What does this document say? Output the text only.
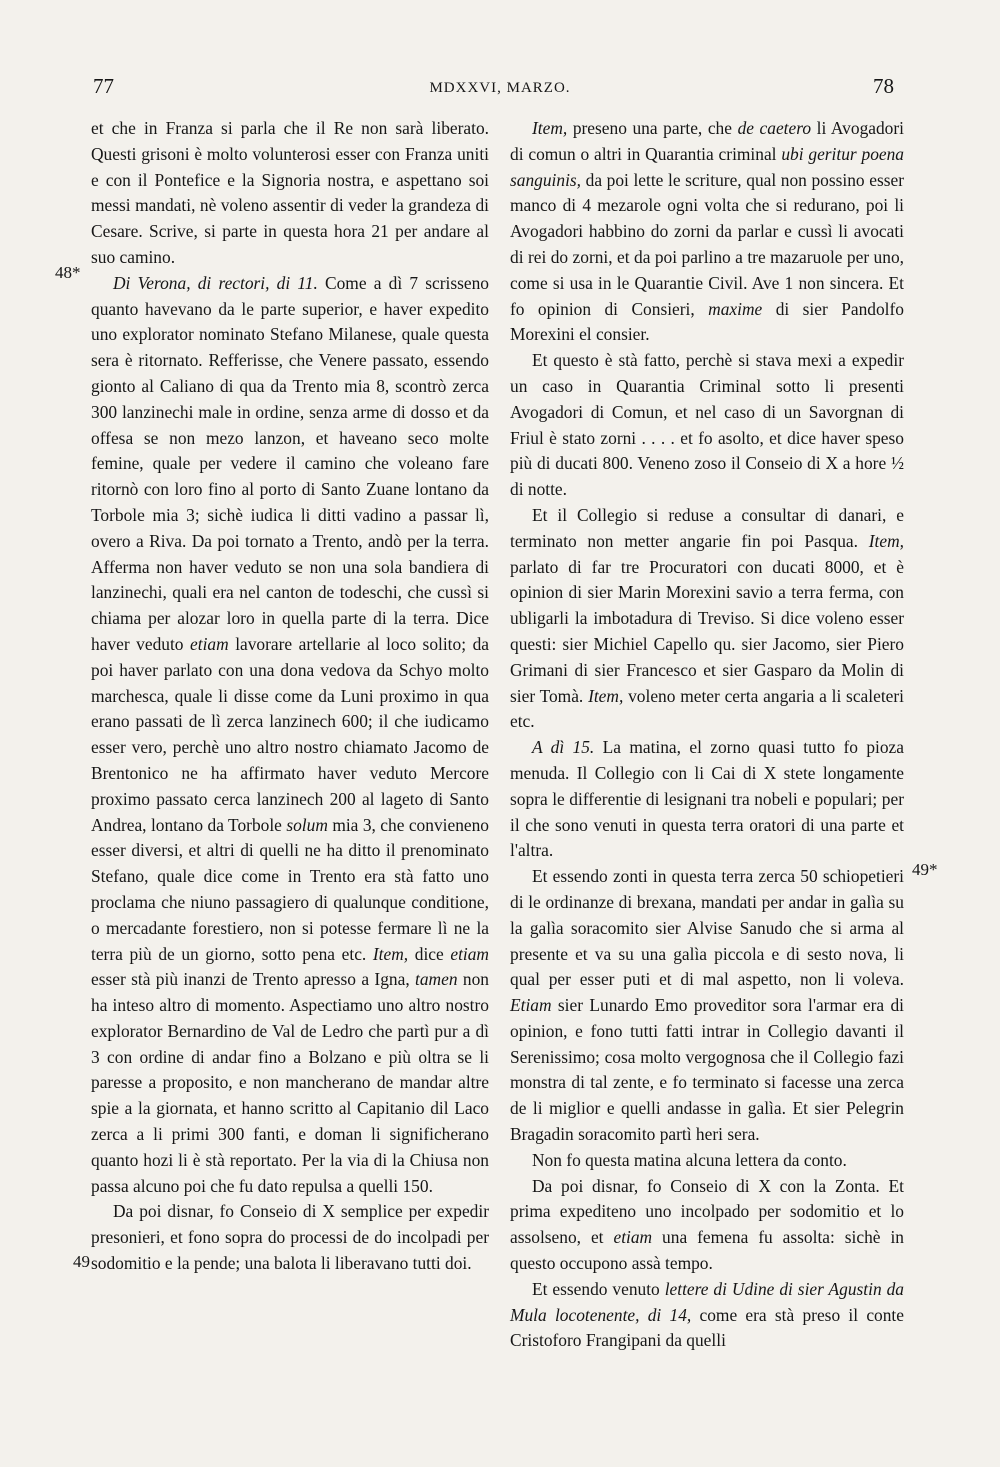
77	MDXXVI, MARZO.	78
48*
49
49*

et che in Franza si parla che il Re non sarà liberato. Questi grisoni è molto volunterosi esser con Franza uniti e con il Pontefice e la Signoria nostra, e aspettano soi messi mandati, nè voleno assentir di veder la grandeza di Cesare. Scrive, si parte in questa hora 21 per andare al suo camino.

Di Verona, di rectori, di 11. Come a dì 7 scrisseno quanto havevano da le parte superior, e haver expedito uno explorator nominato Stefano Milanese, quale questa sera è ritornato. Refferisse, che Venere passato, essendo gionto al Caliano di qua da Trento mia 8, scontrò zerca 300 lanzinechi male in ordine, senza arme di dosso et da offesa se non mezo lanzon, et haveano seco molte femine, quale per vedere il camino che voleano fare ritornò con loro fino al porto di Santo Zuane lontano da Torbole mia 3; sichè iudica li ditti vadino a passar lì, overo a Riva. Da poi tornato a Trento, andò per la terra. Afferma non haver veduto se non una sola bandiera di lanzinechi, quali era nel canton de todeschi, che cussì si chiama per alozar loro in quella parte di la terra. Dice haver veduto etiam lavorare artellarie al loco solito; da poi haver parlato con una dona vedova da Schyo molto marchesca, quale li disse come da Luni proximo in qua erano passati de lì zerca lanzinech 600; il che iudicamo esser vero, perchè uno altro nostro chiamato Jacomo de Brentonico ne ha affirmato haver veduto Mercore proximo passato cerca lanzinech 200 al lageto di Santo Andrea, lontano da Torbole solum mia 3, che convieneno esser diversi, et altri di quelli ne ha ditto il prenominato Stefano, quale dice come in Trento era stà fatto uno proclama che niuno passagiero di qualunque conditione, o mercadante forestiero, non si potesse fermare lì ne la terra più de un giorno, sotto pena etc. Item, dice etiam esser stà più inanzi de Trento apresso a Igna, tamen non ha inteso altro di momento. Aspectiamo uno altro nostro explorator Bernardino de Val de Ledro che partì pur a dì 3 con ordine di andar fino a Bolzano e più oltra se li paresse a proposito, e non mancherano de mandar altre spie a la giornata, et hanno scritto al Capitanio dil Laco zerca a li primi 300 fanti, e doman li significherano quanto hozi li è stà reportato. Per la via di la Chiusa non passa alcuno poi che fu dato repulsa a quelli 150.

Da poi disnar, fo Conseio di X semplice per expedir presonieri, et fono sopra do processi de do incolpadi per sodomitio e la pende; una balota li liberavano tutti doi.

Item, preseno una parte, che de caetero li Avogadori di comun o altri in Quarantia criminal ubi geritur poena sanguinis, da poi lette le scriture, qual non possino esser manco di 4 mezarole ogni volta che si redurano, poi li Avogadori habbino do zorni da parlar e cussì li avocati di rei do zorni, et da poi parlino a tre mazaruole per uno, come si usa in le Quarantie Civil. Ave 1 non sincera. Et fo opinion di Consieri, maxime di sier Pandolfo Morexini el consier.

Et questo è stà fatto, perchè si stava mexi a expedir un caso in Quarantia Criminal sotto li presenti Avogadori di Comun, et nel caso di un Savorgnan di Friul è stato zorni . . . . et fo asolto, et dice haver speso più di ducati 800. Veneno zoso il Conseio di X a hore ½ di notte.

Et il Collegio si reduse a consultar di danari, e terminato non metter angarie fin poi Pasqua. Item, parlato di far tre Procuratori con ducati 8000, et è opinion di sier Marin Morexini savio a terra ferma, con ubligarli la imbotadura di Treviso. Si dice voleno esser questi: sier Michiel Capello qu. sier Jacomo, sier Piero Grimani di sier Francesco et sier Gasparo da Molin di sier Tomà. Item, voleno meter certa angaria a li scaleteri etc.

A dì 15. La matina, el zorno quasi tutto fo pioza menuda. Il Collegio con li Cai di X stete longamente sopra le differentie di lesignani tra nobeli e populari; per il che sono venuti in questa terra oratori di una parte et l'altra.

Et essendo zonti in questa terra zerca 50 schiopetieri di le ordinanze di brexana, mandati per andar in galìa su la galìa soracomito sier Alvise Sanudo che si arma al presente et va su una galìa piccola e di sesto nova, li qual per esser puti et di mal aspetto, non li voleva. Etiam sier Lunardo Emo proveditor sora l'armar era di opinion, e fono tutti fatti intrar in Collegio davanti il Serenissimo; cosa molto vergognosa che il Collegio fazi monstra di tal zente, e fo terminato si facesse una zerca de li miglior e quelli andasse in galìa. Et sier Pelegrin Bragadin soracomito partì heri sera.

Non fo questa matina alcuna lettera da conto.

Da poi disnar, fo Conseio di X con la Zonta. Et prima expediteno uno incolpado per sodomitio et lo assolseno, et etiam una femena fu assolta: sichè in questo occupono assà tempo.

Et essendo venuto lettere di Udine di sier Agustin da Mula locotenente, di 14, come era stà preso il conte Cristoforo Frangipani da quelli
